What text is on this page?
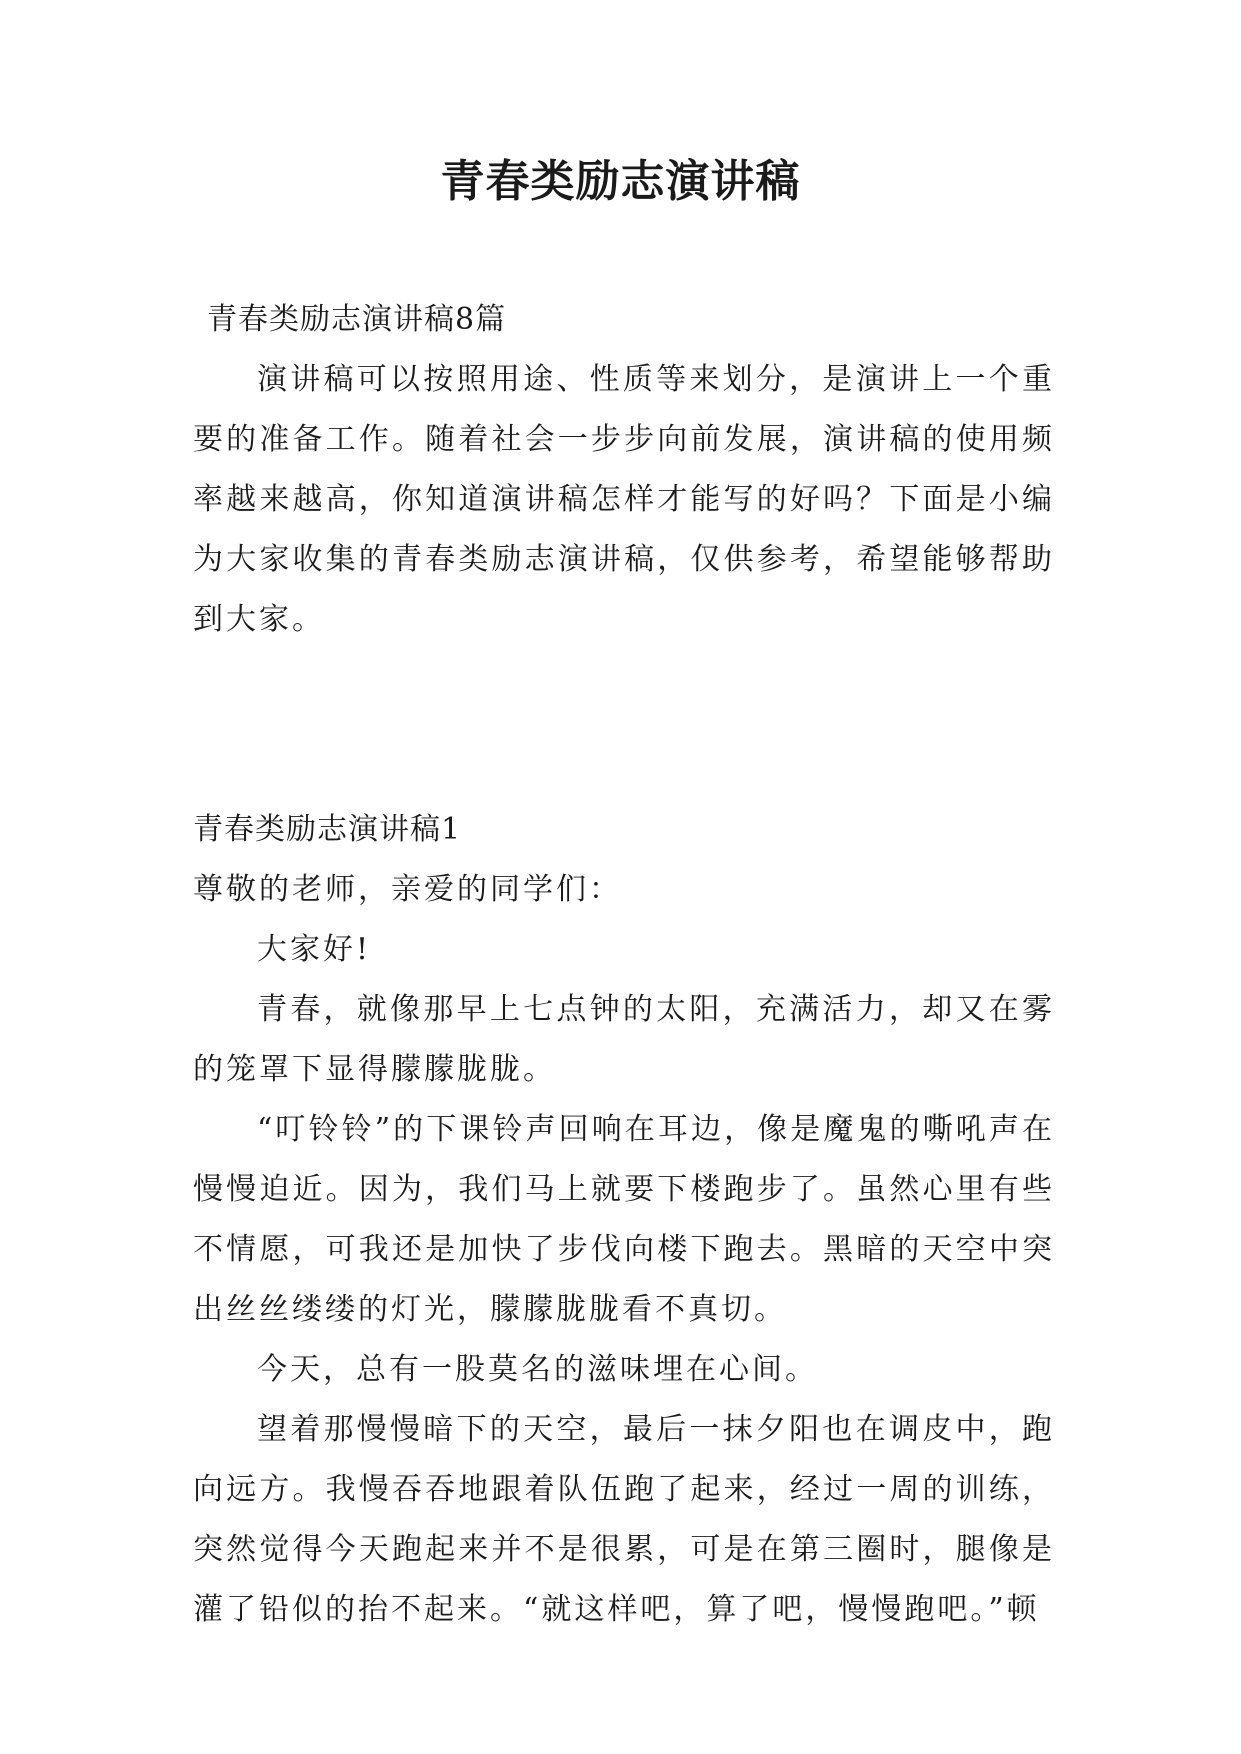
青春类励志演讲稿

青春类励志演讲稿8篇

演讲稿可以按照用途、性质等来划分，是演讲上一个重要的准备工作。随着社会一步步向前发展，演讲稿的使用频率越来越高，你知道演讲稿怎样才能写的好吗？下面是小编为大家收集的青春类励志演讲稿，仅供参考，希望能够帮助到大家。

青春类励志演讲稿1

尊敬的老师，亲爱的同学们：

大家好!

青春，就像那早上七点钟的太阳，充满活力，却又在雾的笼罩下显得朦朦胧胧。

“叮铃铃”的下课铃声回响在耳边，像是魔鬼的嘶吼声在慢慢迫近。因为，我们马上就要下楼跑步了。虽然心里有些不情愿，可我还是加快了步伐向楼下跑去。黑暗的天空中突出丝丝缕缕的灯光，朦朦胧胧看不真切。

今天，总有一股莫名的滋味埋在心间。

望着那慢慢暗下的天空，最后一抹夕阳也在调皮中，跑向远方。我慢吞吞地跟着队伍跑了起来，经过一周的训练，突然觉得今天跑起来并不是很累，可是在第三圈时，腿像是灌了铅似的抬不起来。“就这样吧，算了吧，慢慢跑吧。”顿
